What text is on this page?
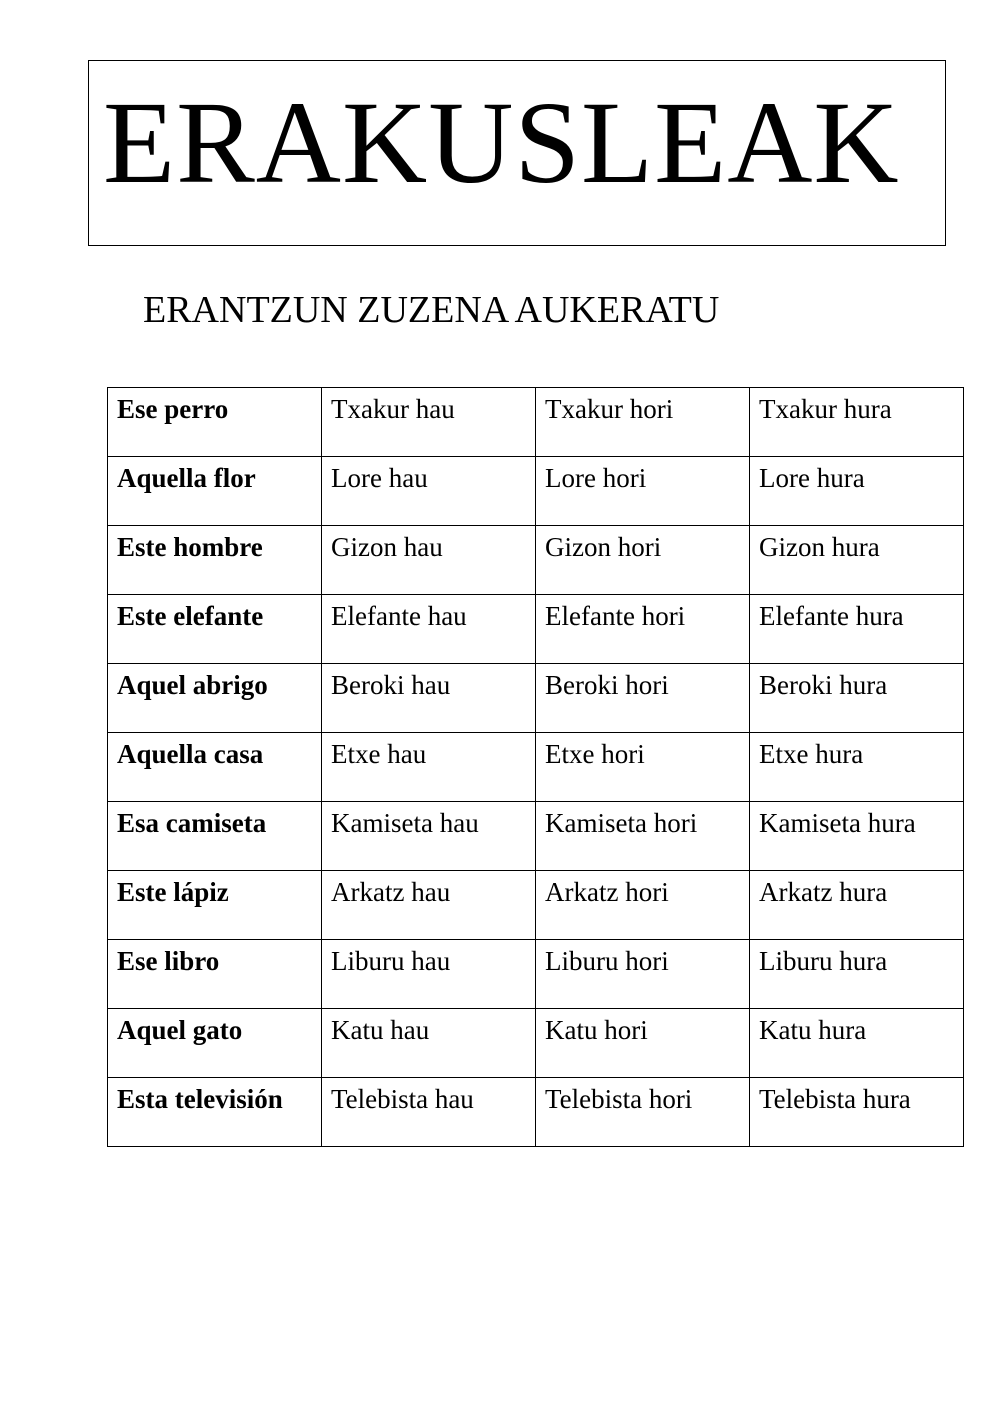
ERAKUSLEAK
ERANTZUN ZUZENA AUKERATU
Ese perro	Txakur hau	Txakur hori	Txakur hura

Aquella flor	Lore hau	Lore hori	Lore hura

Este hombre	Gizon hau	Gizon hori	Gizon hura

Este elefante	Elefante hau	Elefante hori	Elefante hura

Aquel abrigo	Beroki hau	Beroki hori	Beroki hura

Aquella casa	Etxe hau	Etxe hori	Etxe hura

Esa camiseta	Kamiseta hau	Kamiseta hori	Kamiseta hura

Este lápiz	Arkatz hau	Arkatz hori	Arkatz hura

Ese libro	Liburu hau	Liburu hori	Liburu hura

Aquel gato	Katu hau	Katu hori	Katu hura

Esta televisión	Telebista hau	Telebista hori	Telebista hura
